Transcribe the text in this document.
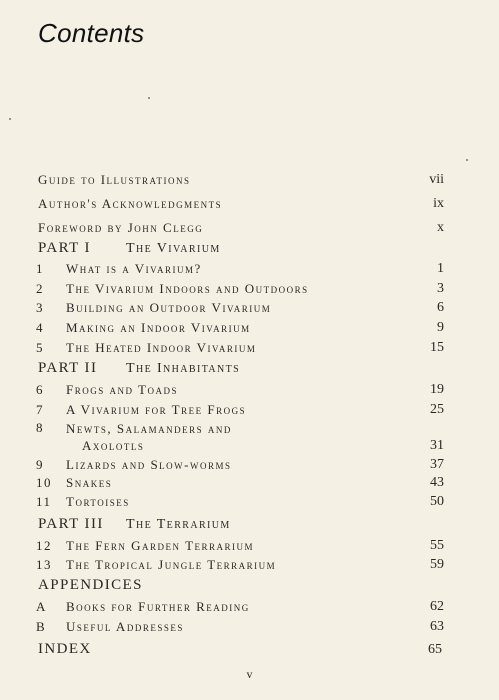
Contents
Guide to Illustrations	vii
Author's Acknowledgments	ix
Foreword by John Clegg	x
PART I	The Vivarium
1	What is a Vivarium?	1
2	The Vivarium Indoors and Outdoors	3
3	Building an Outdoor Vivarium	6
4	Making an Indoor Vivarium	9
5	The Heated Indoor Vivarium	15
PART II The Inhabitants
6	Frogs and Toads	19
7	A Vivarium for Tree Frogs	25
8	Newts, Salamanders and
Axolotls	31
9	Lizards and Slow-worms	37
10	Snakes	43
11	Tortoises	50
PART III The Terrarium
12	The Fern Garden Terrarium	55
13	The Tropical Jungle Terrarium	59
APPENDICES
A	Books for Further Reading	62
B	Useful Addresses	63
INDEX	65
v
